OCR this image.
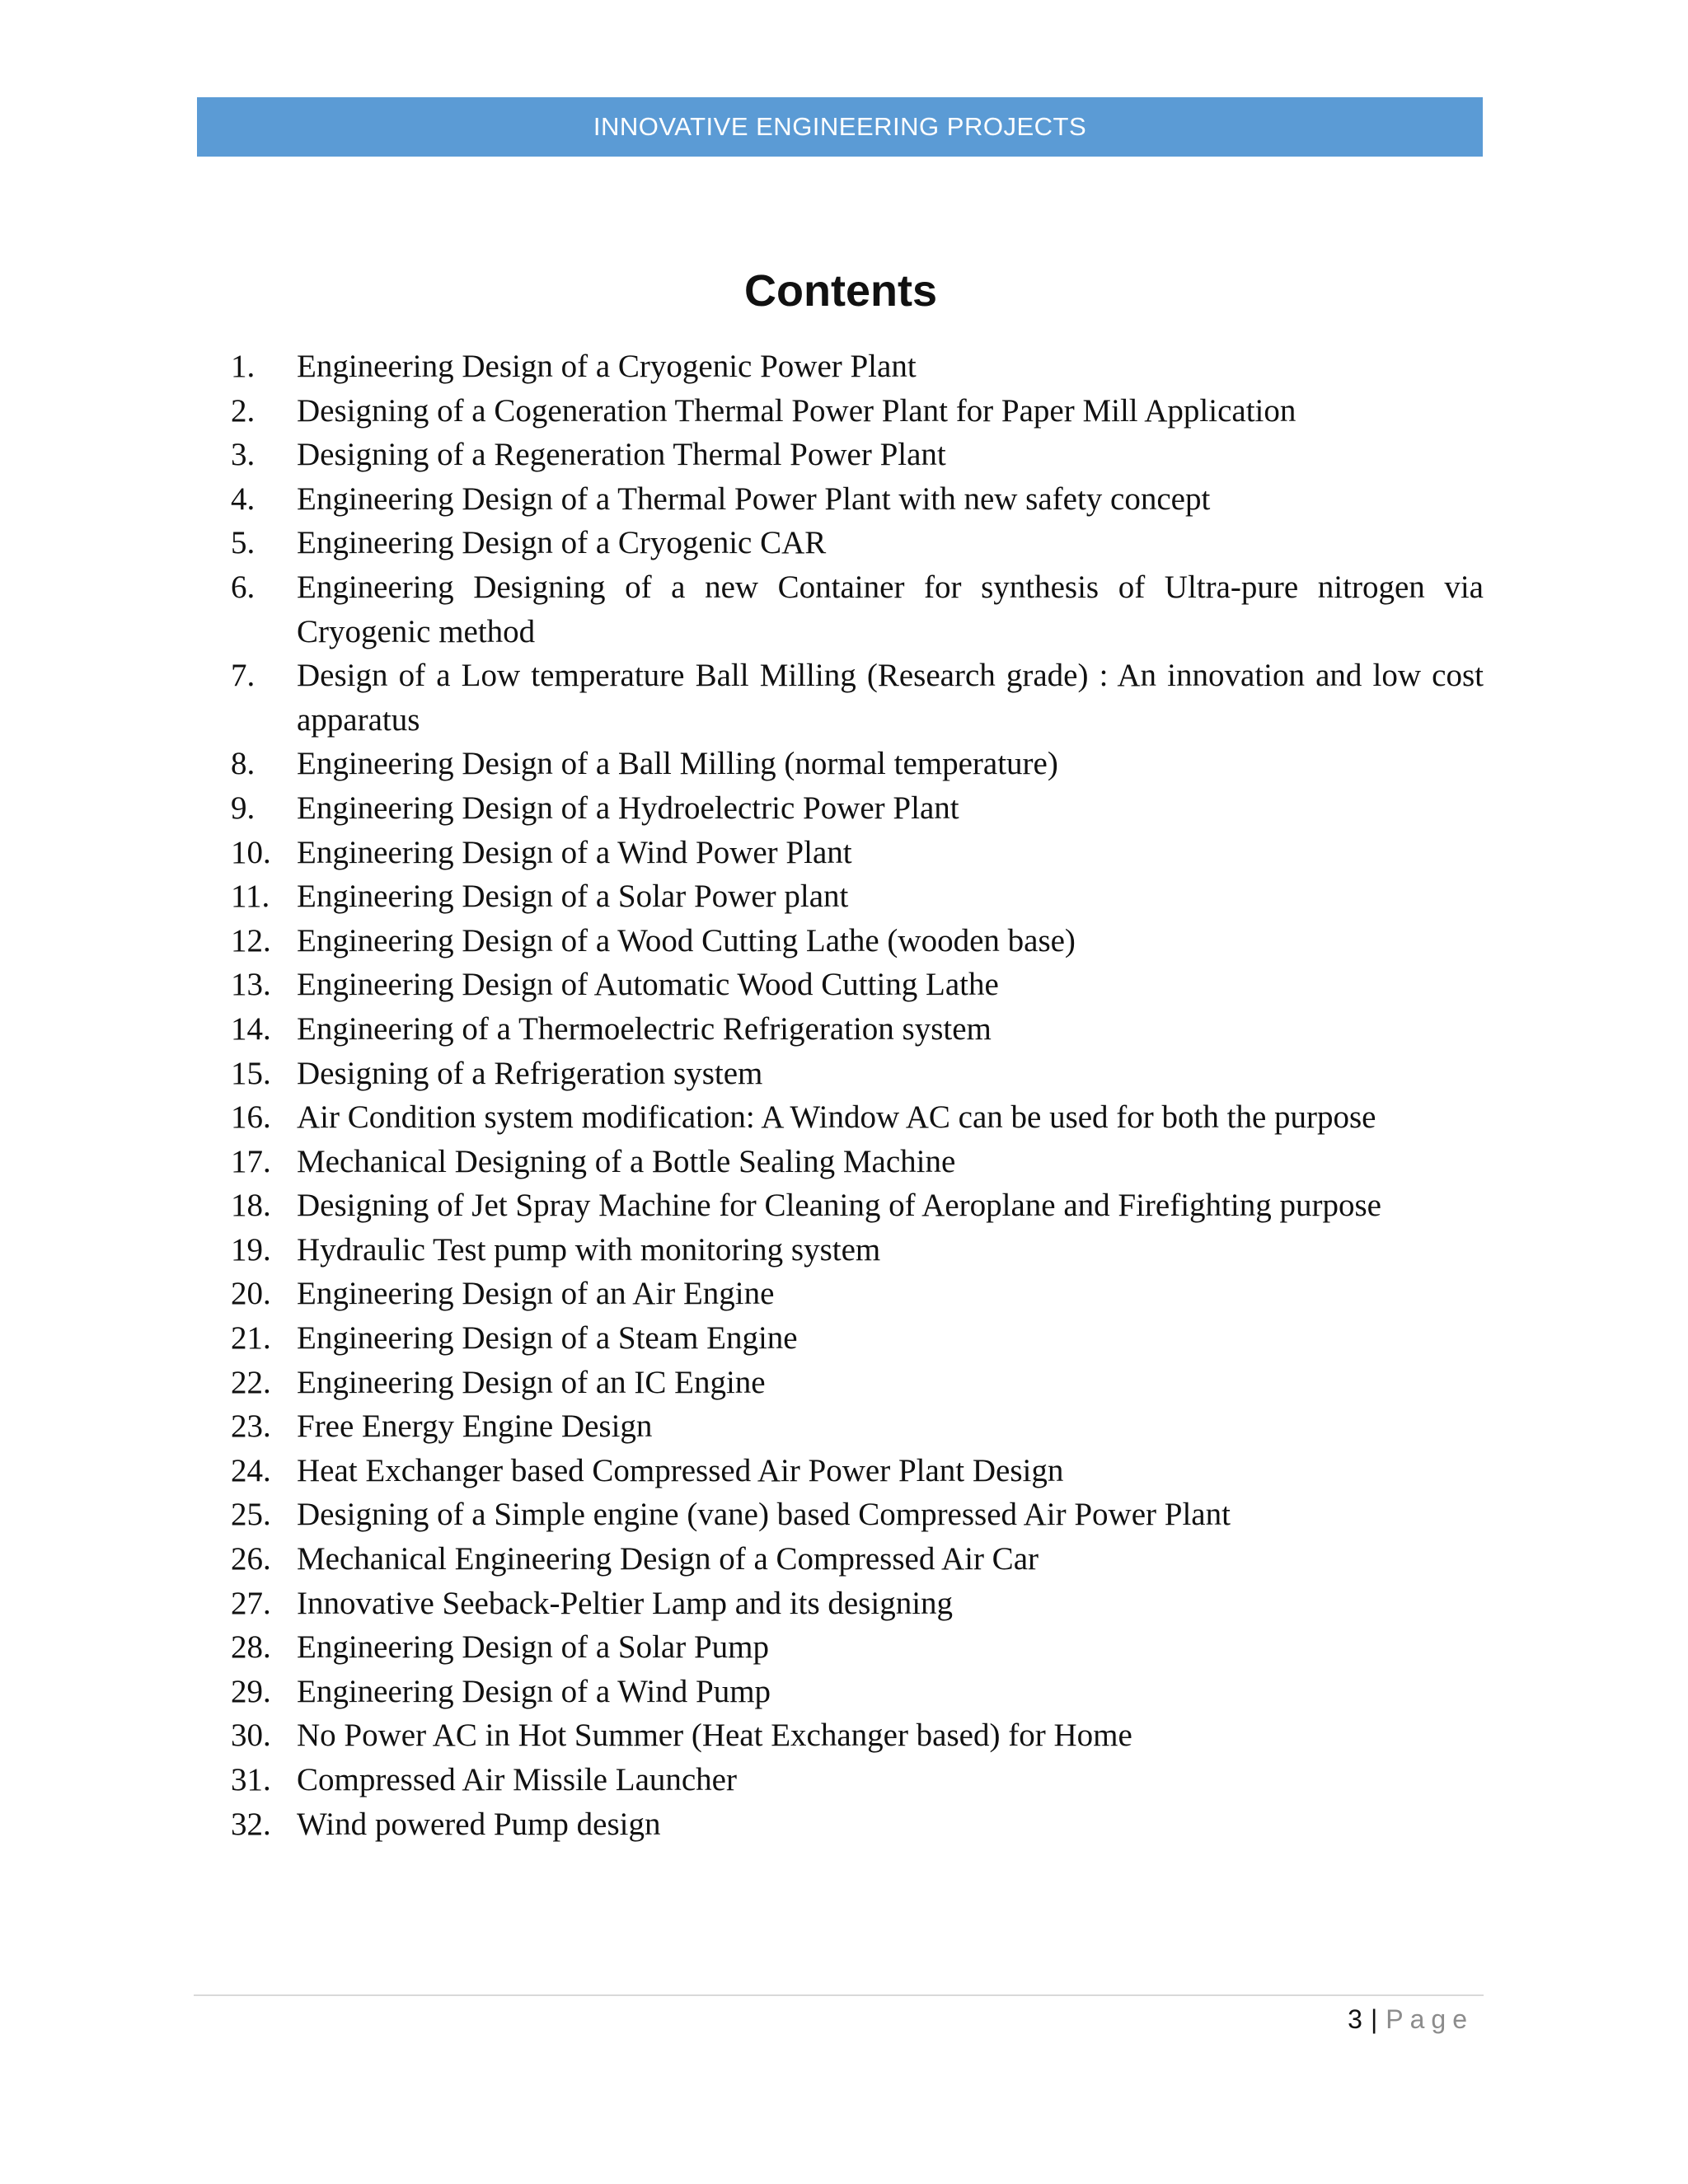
INNOVATIVE ENGINEERING PROJECTS
Contents
1.	Engineering Design of a Cryogenic Power Plant
2.	Designing of a Cogeneration Thermal Power Plant for Paper Mill Application
3.	Designing of a Regeneration Thermal Power Plant
4.	Engineering Design of a Thermal Power Plant with new safety concept
5.	Engineering Design of a Cryogenic CAR
6.	Engineering Designing of a new Container for synthesis of Ultra-pure nitrogen via Cryogenic method
7.	Design of a Low temperature Ball Milling (Research grade) : An innovation and low cost apparatus
8.	Engineering Design of a Ball Milling (normal temperature)
9.	Engineering Design of a Hydroelectric Power Plant
10. Engineering Design of a Wind Power Plant
11. Engineering Design of a Solar Power plant
12. Engineering Design of a Wood Cutting Lathe (wooden base)
13. Engineering Design of Automatic Wood Cutting Lathe
14. Engineering of a Thermoelectric Refrigeration system
15. Designing of a Refrigeration system
16. Air Condition system modification: A Window AC can be used for both the purpose
17. Mechanical Designing of a Bottle Sealing Machine
18. Designing of Jet Spray Machine for Cleaning of Aeroplane and Firefighting purpose
19. Hydraulic Test pump with monitoring system
20. Engineering Design of an Air Engine
21. Engineering Design of a Steam Engine
22. Engineering Design of an IC Engine
23. Free Energy Engine Design
24. Heat Exchanger based Compressed Air Power Plant Design
25. Designing of a Simple engine (vane) based Compressed Air Power Plant
26. Mechanical Engineering Design of a Compressed Air Car
27. Innovative Seeback-Peltier Lamp and its designing
28. Engineering Design of a Solar Pump
29. Engineering Design of a Wind Pump
30. No Power AC in Hot Summer (Heat Exchanger based) for Home
31. Compressed Air Missile Launcher
32. Wind powered Pump design
3 | Page
